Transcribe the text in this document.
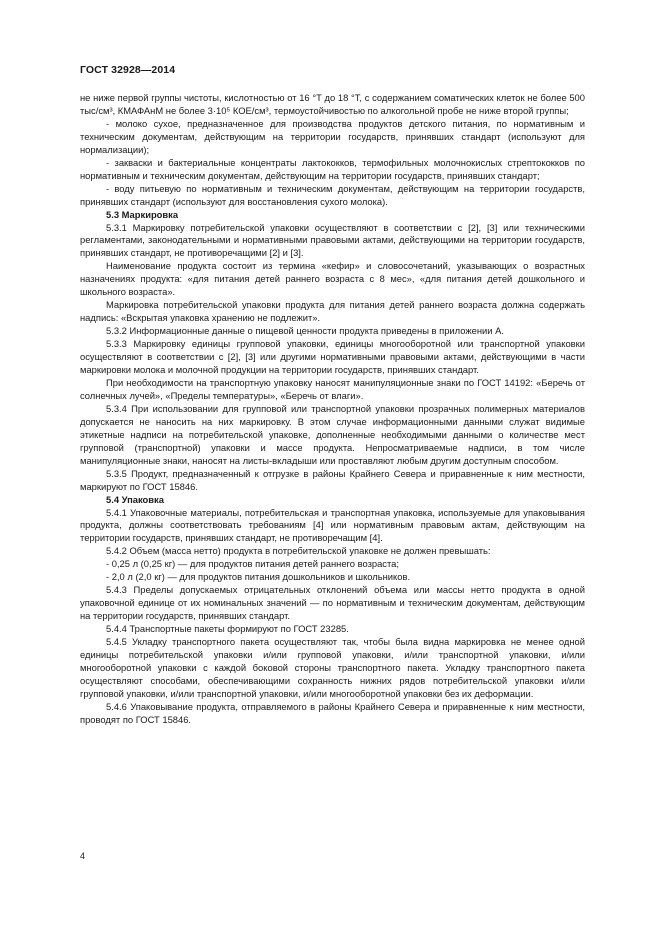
ГОСТ 32928—2014

не ниже первой группы чистоты, кислотностью от 16 °Т до 18 °Т, с содержанием соматических клеток не более 500 тыс/см³, КМАФАнМ не более 3·10⁵ КОЕ/см³, термоустойчивостью по алкогольной пробе не ниже второй группы;

- молоко сухое, предназначенное для производства продуктов детского питания, по нормативным и техническим документам, действующим на территории государств, принявших стандарт (используют для нормализации);

- закваски и бактериальные концентраты лактококков, термофильных молочнокислых стрептококков по нормативным и техническим документам, действующим на территории государств, принявших стандарт;

- воду питьевую по нормативным и техническим документам, действующим на территории государств, принявших стандарт (используют для восстановления сухого молока).

5.3 Маркировка

5.3.1 Маркировку потребительской упаковки осуществляют в соответствии с [2], [3] или техническими регламентами, законодательными и нормативными правовыми актами, действующими на территории государств, принявших стандарт, не противоречащими [2] и [3].

Наименование продукта состоит из термина «кефир» и словосочетаний, указывающих о возрастных назначениях продукта: «для питания детей раннего возраста с 8 мес», «для питания детей дошкольного и школьного возраста».

Маркировка потребительской упаковки продукта для питания детей раннего возраста должна содержать надпись: «Вскрытая упаковка хранению не подлежит».

5.3.2 Информационные данные о пищевой ценности продукта приведены в приложении А.

5.3.3 Маркировку единицы групповой упаковки, единицы многооборотной или транспортной упаковки осуществляют в соответствии с [2], [3] или другими нормативными правовыми актами, действующими в части маркировки молока и молочной продукции на территории государств, принявших стандарт.

При необходимости на транспортную упаковку наносят манипуляционные знаки по ГОСТ 14192: «Беречь от солнечных лучей», «Пределы температуры», «Беречь от влаги».

5.3.4 При использовании для групповой или транспортной упаковки прозрачных полимерных материалов допускается не наносить на них маркировку. В этом случае информационными данными служат видимые этикетные надписи на потребительской упаковке, дополненные необходимыми данными о количестве мест групповой (транспортной) упаковки и массе продукта. Непросматриваемые надписи, в том числе манипуляционные знаки, наносят на листы-вкладыши или проставляют любым другим доступным способом.

5.3.5 Продукт, предназначенный к отгрузке в районы Крайнего Севера и приравненные к ним местности, маркируют по ГОСТ 15846.

5.4 Упаковка

5.4.1 Упаковочные материалы, потребительская и транспортная упаковка, используемые для упаковывания продукта, должны соответствовать требованиям [4] или нормативным правовым актам, действующим на территории государств, принявших стандарт, не противоречащим [4].

5.4.2 Объем (масса нетто) продукта в потребительской упаковке не должен превышать:

- 0,25 л (0,25 кг) — для продуктов питания детей раннего возраста;

- 2,0 л (2,0 кг) — для продуктов питания дошкольников и школьников.

5.4.3 Пределы допускаемых отрицательных отклонений объема или массы нетто продукта в одной упаковочной единице от их номинальных значений — по нормативным и техническим документам, действующим на территории государств, принявших стандарт.

5.4.4 Транспортные пакеты формируют по ГОСТ 23285.

5.4.5 Укладку транспортного пакета осуществляют так, чтобы была видна маркировка не менее одной единицы потребительской упаковки и/или групповой упаковки, и/или транспортной упаковки, и/или многооборотной упаковки с каждой боковой стороны транспортного пакета. Укладку транспортного пакета осуществляют способами, обеспечивающими сохранность нижних рядов потребительской упаковки и/или групповой упаковки, и/или транспортной упаковки, и/или многооборотной упаковки без их деформации.

5.4.6 Упаковывание продукта, отправляемого в районы Крайнего Севера и приравненные к ним местности, проводят по ГОСТ 15846.

4
